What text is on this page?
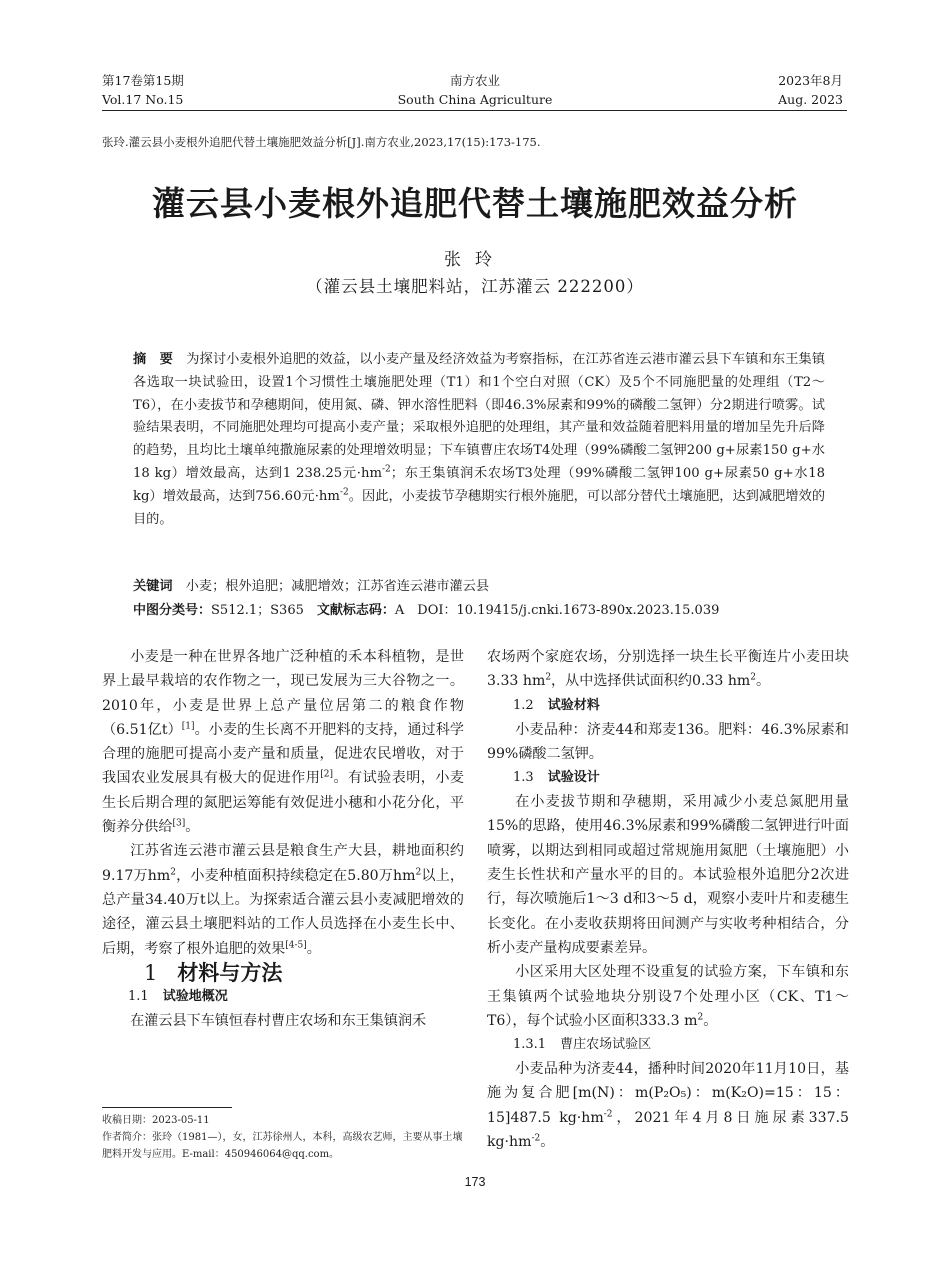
第17卷第15期
Vol.17 No.15
南方农业
South China Agriculture
2023年8月
Aug. 2023
张玲.灌云县小麦根外追肥代替土壤施肥效益分析[J].南方农业,2023,17(15):173-175.
灌云县小麦根外追肥代替土壤施肥效益分析
张玲
（灌云县土壤肥料站，江苏灌云 222200）
摘　要　 为探讨小麦根外追肥的效益，以小麦产量及经济效益为考察指标，在江苏省连云港市灌云县下车镇和东王集镇各选取一块试验田，设置1个习惯性土壤施肥处理（T1）和1个空白对照（CK）及5个不同施肥量的处理组（T2～T6），在小麦拔节和孕穗期间，使用氮、磷、钾水溶性肥料（即46.3%尿素和99%的磷酸二氢钾）分2期进行喷雾。试验结果表明，不同施肥处理均可提高小麦产量；采取根外追肥的处理组，其产量和效益随着肥料用量的增加呈先升后降的趋势，且均比土壤单纯撒施尿素的处理增效明显；下车镇曹庄农场T4处理（99%磷酸二氢钾200 g+尿素150 g+水18 kg）增效最高，达到1 238.25元$\cdot hm^{-2}$；东王集镇润禾农场T3处理（99%磷酸二氢钾100 g+尿素50 g+水18 kg）增效最高，达到756.60元$\cdot hm^{-2}$。因此，小麦拔节孕穗期实行根外施肥，可以部分替代土壤施肥，达到减肥增效的目的。
关键词　 小麦；根外追肥；减肥增效；江苏省连云港市灌云县
中图分类号：S512.1；S365　 文献标志码：A　 DOI：10.19415/j.cnki.1673-890x.2023.15.039

小麦是一种在世界各地广泛种植的禾本科植物，是世界上最早栽培的农作物之一，现已发展为三大谷物之一。2010年，小麦是世界上总产量位居第二的粮食作物（6.51亿t）[1]。小麦的生长离不开肥料的支持，通过科学合理的施肥可提高小麦产量和质量，促进农民增收，对于我国农业发展具有极大的促进作用[2]。有试验表明，小麦生长后期合理的氮肥运筹能有效促进小穗和小花分化，平衡养分供给[3]。

江苏省连云港市灌云县是粮食生产大县，耕地面积约9.17万$hm^2$，小麦种植面积持续稳定在5.80万$hm^2$以上，总产量34.40万t以上。为探索适合灌云县小麦减肥增效的途径，灌云县土壤肥料站的工作人员选择在小麦生长中、后期，考察了根外追肥的效果[4-5]。

1 材料与方法

1.1 试验地概况

在灌云县下车镇恒春村曹庄农场和东王集镇润禾

农场两个家庭农场，分别选择一块生长平衡连片小麦田块3.33 $hm^2$，从中选择供试面积约0.33 $hm^2$。

1.2 试验材料

小麦品种：济麦44和郑麦136。肥料：46.3%尿素和99%磷酸二氢钾。

1.3 试验设计

在小麦拔节期和孕穗期，采用减少小麦总氮肥用量15%的思路，使用46.3%尿素和99%磷酸二氢钾进行叶面喷雾，以期达到相同或超过常规施用氮肥（土壤施肥）小麦生长性状和产量水平的目的。本试验根外追肥分2次进行，每次喷施后1～3 d和3～5 d，观察小麦叶片和麦穗生长变化。在小麦收获期将田间测产与实收考种相结合，分析小麦产量构成要素差异。

小区采用大区处理不设重复的试验方案，下车镇和东王集镇两个试验地块分别设7个处理小区（CK、T1～T6），每个试验小区面积333.3 $m^2$。

1.3.1 曹庄农场试验区

小麦品种为济麦44，播种时间2020年11月10日，基施为复合肥[m(N)：m(P₂O₅)：m(K₂O)=15：15：15]487.5 $kg\cdot hm^{-2}$，2021年4月8日施尿素337.5 $kg\cdot hm^{-2}$。

收稿日期：2023-05-11
作者简介：张玲（1981—），女，江苏徐州人，本科，高级农艺师，主要从事土壤肥料开发与应用。E-mail：450946064@qq.com。
173
